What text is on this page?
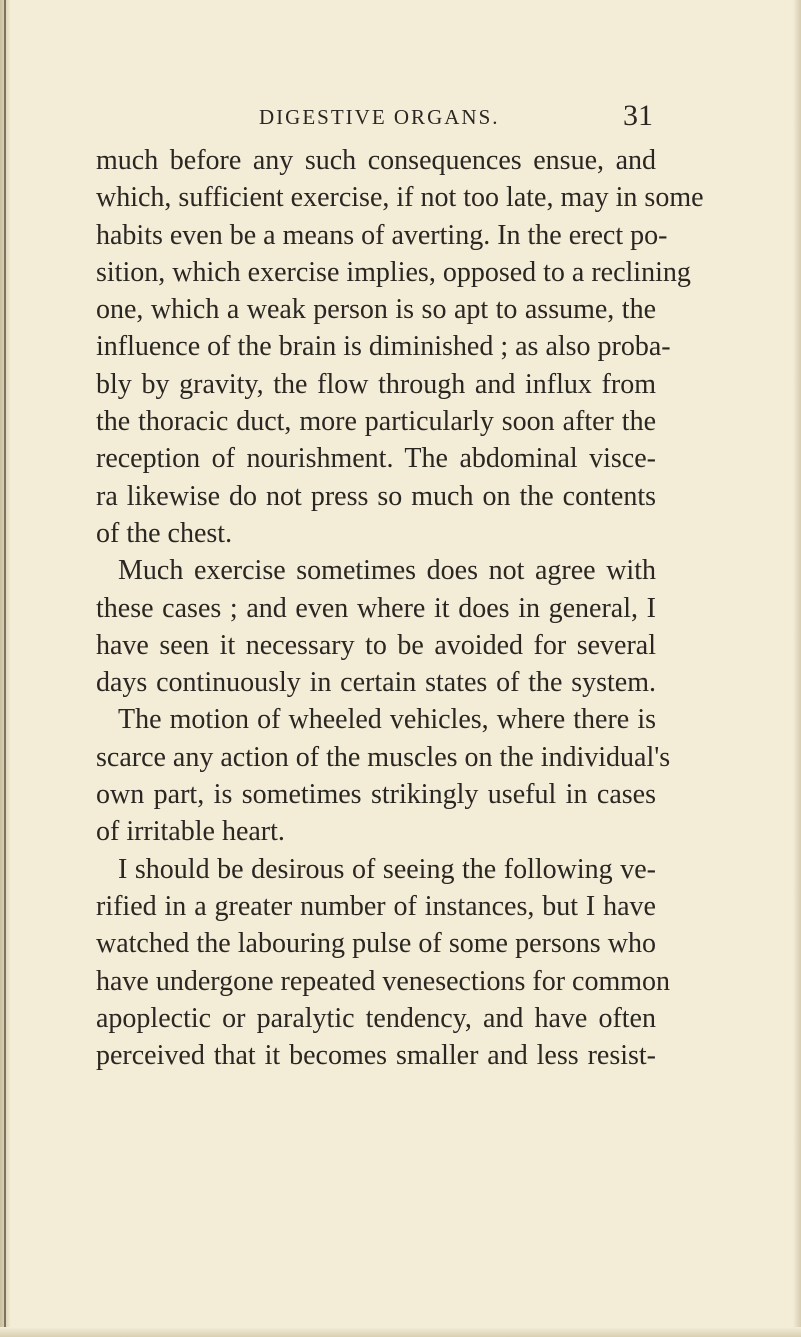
DIGESTIVE ORGANS.	31
much before any such consequences ensue, and
which, sufficient exercise, if not too late, may in some
habits even be a means of averting. In the erect po-
sition, which exercise implies, opposed to a reclining
one, which a weak person is so apt to assume, the
influence of the brain is diminished ; as also proba-
bly by gravity, the flow through and influx from
the thoracic duct, more particularly soon after the
reception of nourishment. The abdominal visce-
ra likewise do not press so much on the contents
of the chest.
Much exercise sometimes does not agree with
these cases ; and even where it does in general, I
have seen it necessary to be avoided for several
days continuously in certain states of the system.
The motion of wheeled vehicles, where there is
scarce any action of the muscles on the individual's
own part, is sometimes strikingly useful in cases
of irritable heart.
I should be desirous of seeing the following ve-
rified in a greater number of instances, but I have
watched the labouring pulse of some persons who
have undergone repeated venesections for common
apoplectic or paralytic tendency, and have often
perceived that it becomes smaller and less resist-
